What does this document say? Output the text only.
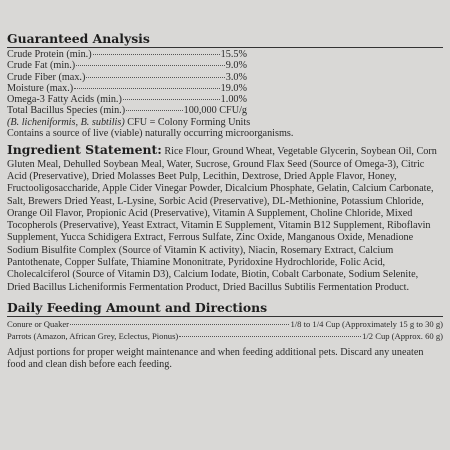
Guaranteed Analysis
Crude Protein (min.)	15.5%
Crude Fat (min.)	9.0%
Crude Fiber (max.)	3.0%
Moisture (max.)	19.0%
Omega-3 Fatty Acids (min.)	1.00%
Total Bacillus Species (min.)	100,000 CFU/g
(B. licheniformis, B. subtilis) CFU = Colony Forming Units
Contains a source of live (viable) naturally occurring microorganisms.

Ingredient Statement: Rice Flour, Ground Wheat, Vegetable Glycerin, Soybean Oil, Corn Gluten Meal, Dehulled Soybean Meal, Water, Sucrose, Ground Flax Seed (Source of Omega-3), Citric Acid (Preservative), Dried Molasses Beet Pulp, Lecithin, Dextrose, Dried Apple Flavor, Honey, Fructooligosaccharide, Apple Cider Vinegar Powder, Dicalcium Phosphate, Gelatin, Calcium Carbonate, Salt, Brewers Dried Yeast, L-Lysine, Sorbic Acid (Preservative), DL-Methionine, Potassium Chloride, Orange Oil Flavor, Propionic Acid (Preservative), Vitamin A Supplement, Choline Chloride, Mixed Tocopherols (Preservative), Yeast Extract, Vitamin E Supplement, Vitamin B12 Supplement, Riboflavin Supplement, Yucca Schidigera Extract, Ferrous Sulfate, Zinc Oxide, Manganous Oxide, Menadione Sodium Bisulfite Complex (Source of Vitamin K activity), Niacin, Rosemary Extract, Calcium Pantothenate, Copper Sulfate, Thiamine Mononitrate, Pyridoxine Hydrochloride, Folic Acid, Cholecalciferol (Source of Vitamin D3), Calcium Iodate, Biotin, Cobalt Carbonate, Sodium Selenite, Dried Bacillus Licheniformis Fermentation Product, Dried Bacillus Subtilis Fermentation Product.

Daily Feeding Amount and Directions
Conure or Quaker	1/8 to 1/4 Cup (Approximately 15 g to 30 g)
Parrots (Amazon, African Grey, Eclectus, Pionus)	1/2 Cup (Approx. 60 g)

Adjust portions for proper weight maintenance and when feeding additional pets. Discard any uneaten food and clean dish before each feeding.
